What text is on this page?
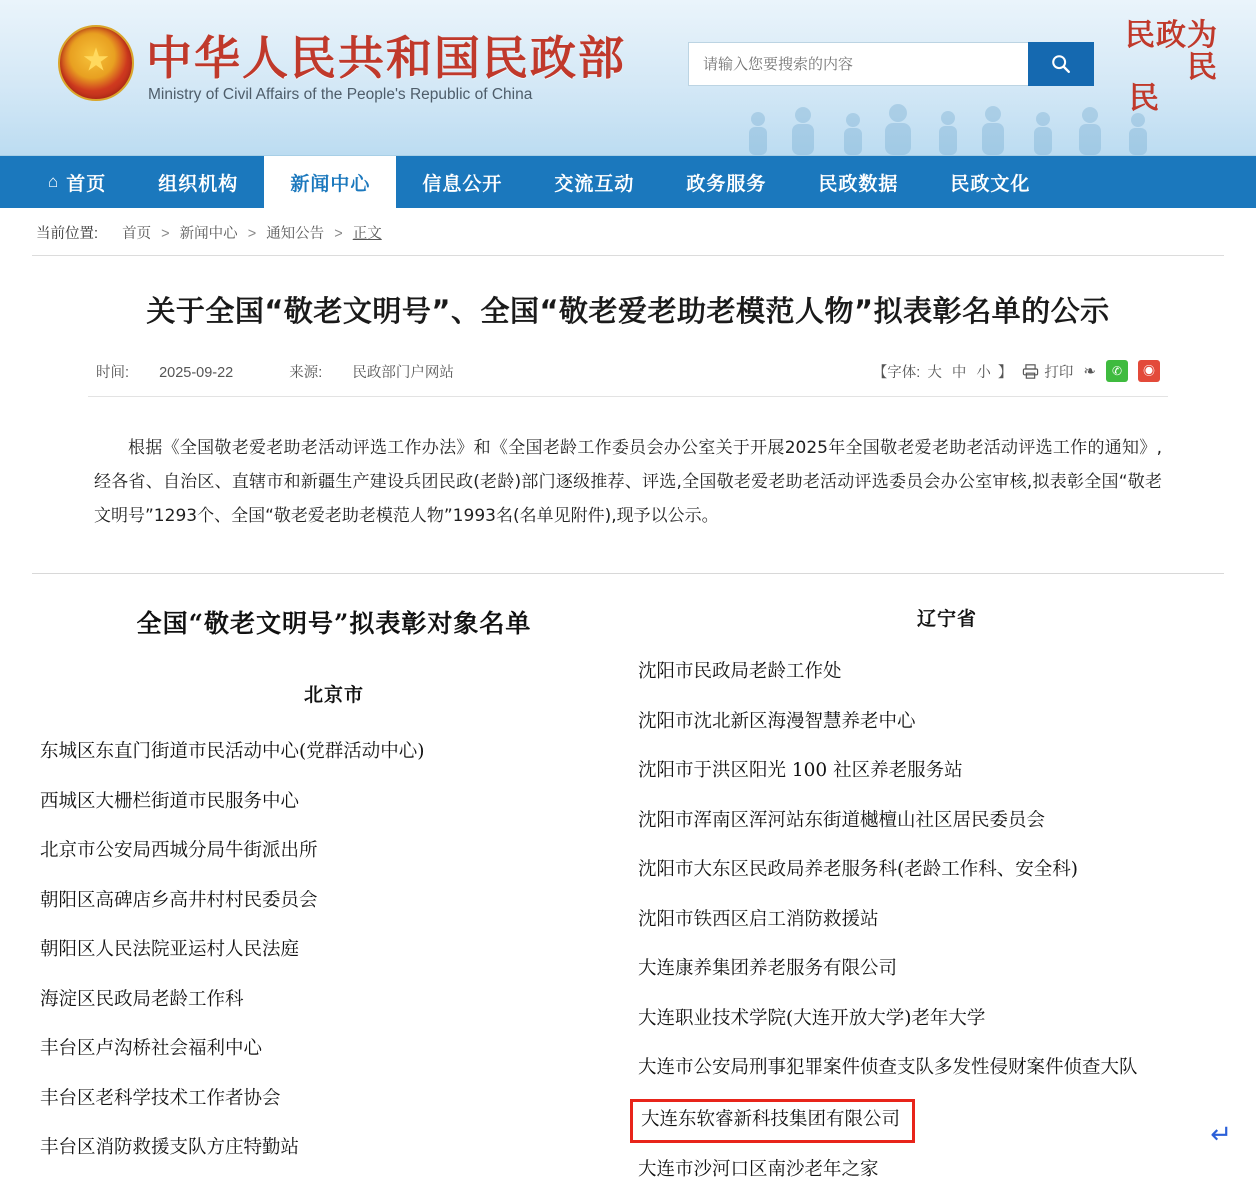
★ 中华人民共和国民政部
Ministry of Civil Affairs of the People's Republic of China
请输入您要搜索的内容
民政为民
民
⌂ 首页	组织机构	新闻中心	信息公开	交流互动	政务服务	民政数据	民政文化
当前位置: 首页 > 新闻中心 > 通知公告 > 正文
关于全国“敬老文明号”、全国“敬老爱老助老模范人物”拟表彰名单的公示
时间: 2025-09-22	来源: 民政部门户网站	【字体: 大 中 小 】 打印 ❧ ✆ ◉
根据《全国敬老爱老助老活动评选工作办法》和《全国老龄工作委员会办公室关于开展2025年全国敬老爱老助老活动评选工作的通知》,经各省、自治区、直辖市和新疆生产建设兵团民政(老龄)部门逐级推荐、评选,全国敬老爱老助老活动评选委员会办公室审核,拟表彰全国“敬老文明号”1293个、全国“敬老爱老助老模范人物”1993名(名单见附件),现予以公示。
全国“敬老文明号”拟表彰对象名单
北京市
东城区东直门街道市民活动中心(党群活动中心)
西城区大栅栏街道市民服务中心
北京市公安局西城分局牛街派出所
朝阳区高碑店乡高井村村民委员会
朝阳区人民法院亚运村人民法庭
海淀区民政局老龄工作科
丰台区卢沟桥社会福利中心
丰台区老科学技术工作者协会
丰台区消防救援支队方庄特勤站
辽宁省
沈阳市民政局老龄工作处
沈阳市沈北新区海漫智慧养老中心
沈阳市于洪区阳光 100 社区养老服务站
沈阳市浑南区浑河站东街道樾檀山社区居民委员会
沈阳市大东区民政局养老服务科(老龄工作科、安全科)
沈阳市铁西区启工消防救援站
大连康养集团养老服务有限公司
大连职业技术学院(大连开放大学)老年大学
大连市公安局刑事犯罪案件侦查支队多发性侵财案件侦查大队
大连东软睿新科技集团有限公司
大连市沙河口区南沙老年之家
↵
